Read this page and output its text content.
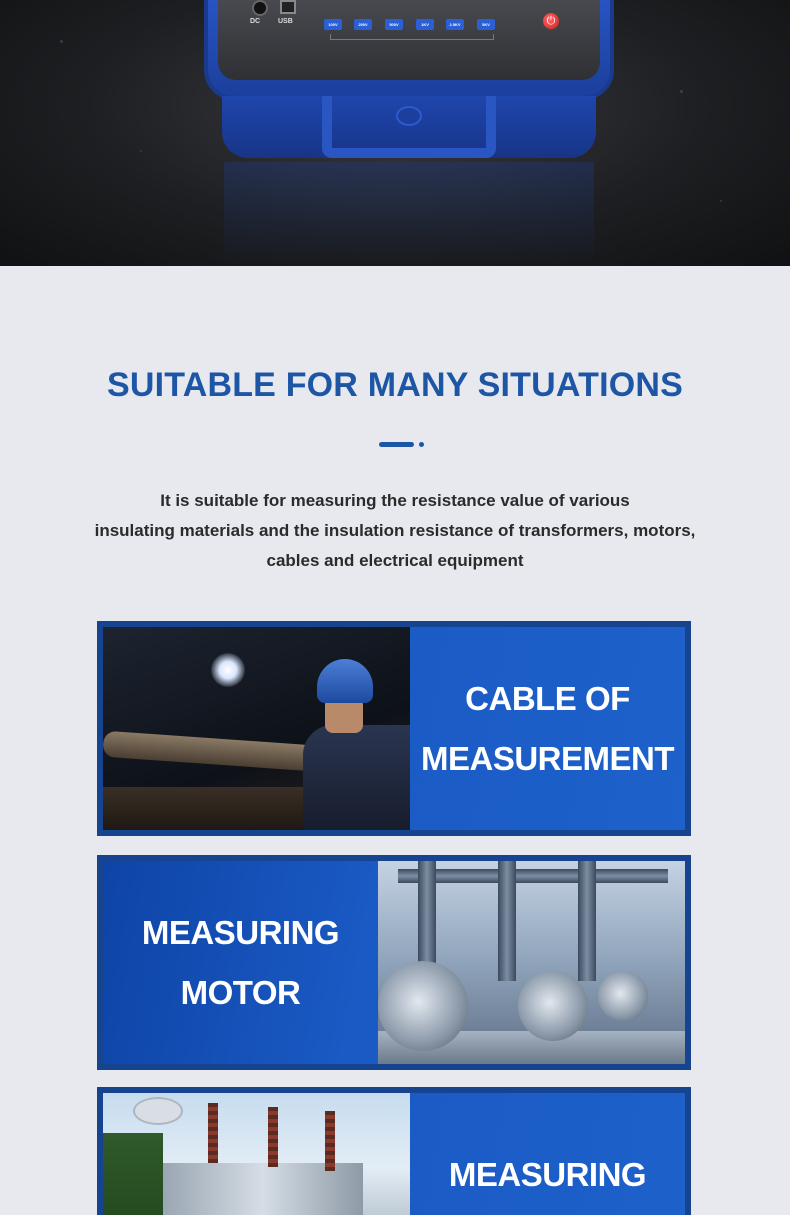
DC	USB	100V	250V	500V	1KV	2.5KV	5KV	⏻
SUITABLE FOR MANY SITUATIONS

It is suitable for measuring the resistance value of various
insulating materials and the insulation resistance of transformers, motors,
cables and electrical equipment

CABLE OF
MEASUREMENT
MEASURING
MOTOR
MEASURING
